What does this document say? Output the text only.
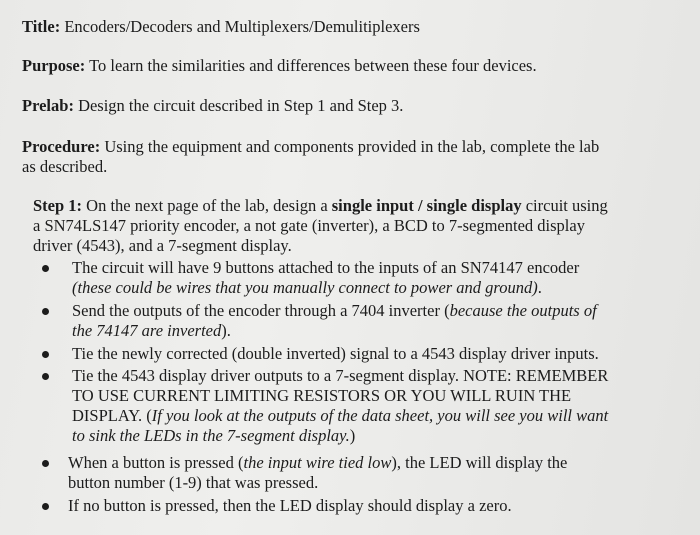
Title: Encoders/Decoders and Multiplexers/Demulitiplexers
Purpose: To learn the similarities and differences between these four devices.
Prelab: Design the circuit described in Step 1 and Step 3.
Procedure: Using the equipment and components provided in the lab, complete the lab
as described.
Step 1: On the next page of the lab, design a single input / single display circuit using
a SN74LS147 priority encoder, a not gate (inverter), a BCD to 7-segmented display
driver (4543), and a 7-segment display.
The circuit will have 9 buttons attached to the inputs of an SN74147 encoder
(these could be wires that you manually connect to power and ground).
Send the outputs of the encoder through a 7404 inverter (because the outputs of
the 74147 are inverted).
Tie the newly corrected (double inverted) signal to a 4543 display driver inputs.
Tie the 4543 display driver outputs to a 7-segment display. NOTE: REMEMBER
TO USE CURRENT LIMITING RESISTORS OR YOU WILL RUIN THE
DISPLAY. (If you look at the outputs of the data sheet, you will see you will want
to sink the LEDs in the 7-segment display.)
When a button is pressed (the input wire tied low), the LED will display the
button number (1-9) that was pressed.
If no button is pressed, then the LED display should display a zero.
